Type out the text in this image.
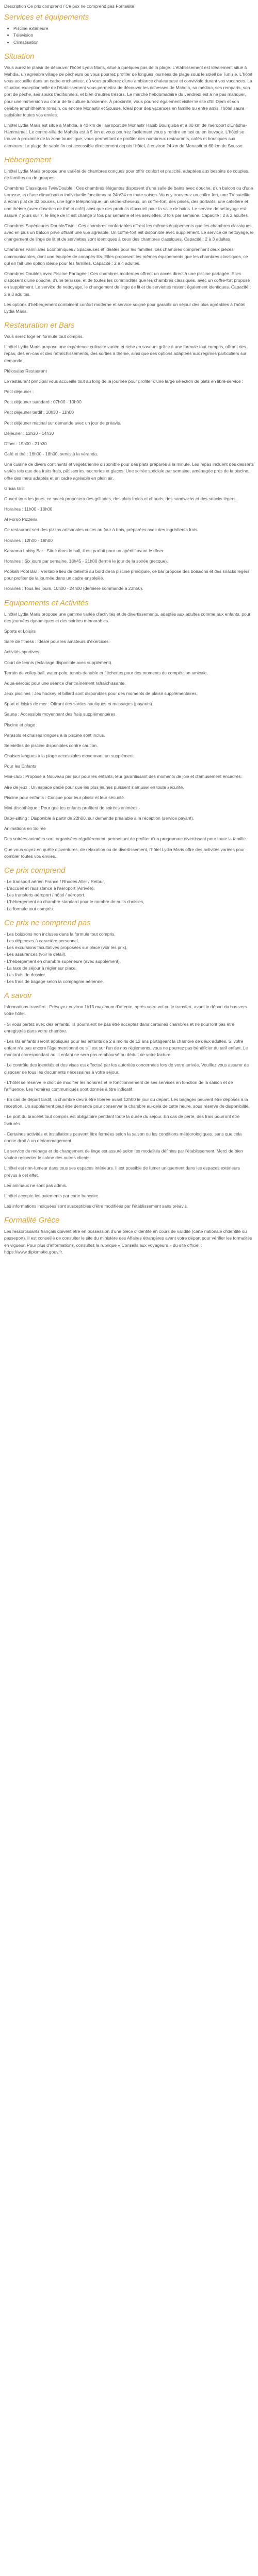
Description Ce prix comprend / Ce prix ne comprend pas Formalité

Services et équipements
• Piscine extérieure
• Télévision
• Climatisation
Situation

Vous aurez le plaisir de découvrir l'hôtel Lydia Maris, situé à quelques pas de la plage. L'établissement est idéalement situé à Mahdia, un agréable village de pêcheurs où vous pourrez profiter de longues journées de plage sous le soleil de Tunisie. L'hôtel vous accueille dans un cadre enchanteur, où vous profiterez d'une ambiance chaleureuse et conviviale durant vos vacances. La situation exceptionnelle de l'établissement vous permettra de découvrir les richesses de Mahdia, sa médina, ses remparts, son port de pêche, ses souks traditionnels, et bien d'autres trésors. Le marché hebdomadaire du vendredi est à ne pas manquer, pour une immersion au cœur de la culture tunisienne. À proximité, vous pourrez également visiter le site d'El Djem et son célèbre amphithéâtre romain, ou encore Monastir et Sousse. Idéal pour des vacances en famille ou entre amis, l'hôtel saura satisfaire toutes vos envies.

L'hôtel Lydia Maris est situé à Mahdia, à 40 km de l'aéroport de Monastir Habib Bourguiba et à 80 km de l'aéroport d'Enfidha-Hammamet. Le centre-ville de Mahdia est à 5 km et vous pourrez facilement vous y rendre en taxi ou en louvage. L'hôtel se trouve à proximité de la zone touristique, vous permettant de profiter des nombreux restaurants, cafés et boutiques aux alentours. La plage de sable fin est accessible directement depuis l'hôtel, à environ 24 km de Monastir et 60 km de Sousse.

Hébergement

L'hôtel Lydia Maris propose une variété de chambres conçues pour offrir confort et praticité, adaptées aux besoins de couples, de familles ou de groupes.

Chambres Classiques Twin/Double : Ces chambres élégantes disposent d'une salle de bains avec douche, d'un balcon ou d'une terrasse, et d'une climatisation individuelle fonctionnant 24h/24 en toute saison. Vous y trouverez un coffre-fort, une TV satellite à écran plat de 32 pouces, une ligne téléphonique, un sèche-cheveux, un coffre-fort, des prises, des portants, une cafetière et une théière (avec dosettes de thé et café) ainsi que des produits d'accueil pour la salle de bains. Le service de nettoyage est assuré 7 jours sur 7, le linge de lit est changé 3 fois par semaine et les serviettes, 3 fois par semaine. Capacité : 2 à 3 adultes.

Chambres Supérieures Double/Twin : Ces chambres confortables offrent les mêmes équipements que les chambres classiques, avec en plus un balcon privé offrant une vue agréable. Un coffre-fort est disponible avec supplément. Le service de nettoyage, le changement de linge de lit et de serviettes sont identiques à ceux des chambres classiques. Capacité : 2 à 3 adultes.

Chambres Familiales Economiques / Spacieuses et idéales pour les familles, ces chambres comprennent deux pièces communicantes, dont une équipée de canapés-lits. Elles proposent les mêmes équipements que les chambres classiques, ce qui en fait une option idéale pour les familles. Capacité : 2 à 4 adultes.

Chambres Doubles avec Piscine Partagée : Ces chambres modernes offrent un accès direct à une piscine partagée. Elles disposent d'une douche, d'une terrasse, et de toutes les commodités que les chambres classiques, avec un coffre-fort proposé en supplément. Le service de nettoyage, le changement de linge de lit et de serviettes restent également identiques. Capacité : 2 à 3 adultes.

Les options d'hébergement combinent confort moderne et service soigné pour garantir un séjour des plus agréables à l'hôtel Lydia Maris.

Restauration et Bars

Vous serez logé en formule tout compris.

L'hôtel Lydia Maris propose une expérience culinaire variée et riche en saveurs grâce à une formule tout compris, offrant des repas, des en-cas et des rafraîchissements, des sorties à thème, ainsi que des options adaptées aux régimes particuliers sur demande.

Pléiosalas Restaurant

Le restaurant principal vous accueille tout au long de la journée pour profiter d'une large sélection de plats en libre-service :

Petit déjeuner :

Petit déjeuner standard : 07h00 - 10h00

Petit déjeuner tardif : 10h30 - 11h00

Petit déjeuner matinal sur demande avec un jour de préavis.

Déjeuner : 12h30 - 14h30

Dîner : 19h00 - 21h30

Café et thé : 16h00 - 18h00, servis à la véranda.

Une cuisine de divers continents et végétarienne disponible pour des plats préparés à la minute. Les repas incluent des desserts variés tels que des fruits frais, pâtisseries, sucreries et glaces. Une soirée spéciale par semaine, aménagée près de la piscine, offre des mets adaptés et un cadre agréable en plein air.

Gricia Grill

Ouvert tous les jours, ce snack proposera des grillades, des plats froids et chauds, des sandwichs et des snacks légers.

Horaires : 11h00 - 18h00

Al Forno Pizzeria

Ce restaurant sert des pizzas artisanales cuites au four à bois, préparées avec des ingrédients frais.

Horaires : 12h00 - 18h00

Karaoma Lobby Bar : Situé dans le hall, il est parfait pour un apéritif avant le dîner.

Horaires : Six jours par semaine, 18h45 - 21h00 (fermé le jour de la soirée grecque).

Pookah Pool Bar : Véritable lieu de détente au bord de la piscine principale, ce bar propose des boissons et des snacks légers pour profiter de la journée dans un cadre ensoleillé.

Horaires : Tous les jours, 10h00 - 24h00 (dernière commande à 23h50).

Equipements et Activités

L'hôtel Lydia Maris propose une gamme variée d'activités et de divertissements, adaptés aux adultes comme aux enfants, pour des journées dynamiques et des soirées mémorables.

Sports et Loisirs

Salle de fitness : idéale pour les amateurs d'exercices.

Activités sportives :

Court de tennis (éclairage disponible avec supplément).

Terrain de volley-ball, water-polo, tennis de table et fléchettes pour des moments de compétition amicale.

Aqua-aérobic pour une séance d'entraînement rafraîchissante.

Jeux piscines : Jeu hockey et billard sont disponibles pour des moments de plaisir supplémentaires.

Sport et loisirs de mer : Offrant des sorties nautiques et massages (payants).

Sauna : Accessible moyennant des frais supplémentaires.

Piscine et plage :

Parasols et chaises longues à la piscine sont inclus.

Serviettes de piscine disponibles contre caution.

Chaises longues à la plage accessibles moyennant un supplément.

Pour les Enfants

Mini-club : Propose à Nouveau par jour pour les enfants, leur garantissant des moments de joie et d'amusement encadrés.

Aire de jeux : Un espace dédié pour que les plus jeunes puissent s'amuser en toute sécurité.

Piscine pour enfants : Conçue pour leur plaisir et leur sécurité.

Mini-discothèque : Pour que les enfants profitent de soirées animées.

Baby-sitting : Disponible à partir de 22h00, sur demande préalable à la réception (service payant).

Animations en Soirée

Des soirées animées sont organisées régulièrement, permettant de profiter d'un programme divertissant pour toute la famille.

Que vous soyez en quête d'aventures, de relaxation ou de divertissement, l'hôtel Lydia Maris offre des activités variées pour combler toutes vos envies.

Ce prix comprend

- Le transport aérien France / Rhodes Aller / Retour,

- L'accueil et l'assistance à l'aéroport (Arrivée),

- Les transferts aéroport / hôtel / aéroport,

- L'hébergement en chambre standard pour le nombre de nuits choisies,

- La formule tout compris.

Ce prix ne comprend pas

- Les boissons non incluses dans la formule tout compris,

- Les dépenses à caractère personnel,

- Les excursions facultatives proposées sur place (voir les prix),

- Les assurances (voir le détail),

- L'hébergement en chambre supérieure (avec supplément),

- La taxe de séjour à régler sur place.

- Les frais de dossier,

- Les frais de bagage selon la compagnie aérienne.

A savoir

Informations transfert : Prévoyez environ 1h15 maximum d'attente, après votre vol ou le transfert, avant le départ du bus vers votre hôtel.

- Si vous partez avec des enfants, ils pourraient ne pas être acceptés dans certaines chambres et ne pourront pas être enregistrés dans votre chambre.

- Les lits enfants seront appliqués pour les enfants de 2 à moins de 12 ans partageant la chambre de deux adultes. Si votre enfant n'a pas encore l'âge mentionné ou s'il est sur l'un de nos règlements, vous ne pourrez pas bénéficier du tarif enfant. Le montant correspondant au lit enfant ne sera pas remboursé ou déduit de votre facture.

- Le contrôle des identités et des visas est effectué par les autorités concernées lors de votre arrivée. Veuillez vous assurer de disposer de tous les documents nécessaires à votre séjour.

- L'hôtel se réserve le droit de modifier les horaires et le fonctionnement de ses services en fonction de la saison et de l'affluence. Les horaires communiqués sont donnés à titre indicatif.

- En cas de départ tardif, la chambre devra être libérée avant 12h00 le jour du départ. Les bagages peuvent être déposés à la réception. Un supplément peut être demandé pour conserver la chambre au-delà de cette heure, sous réserve de disponibilité.

- Le port du bracelet tout compris est obligatoire pendant toute la durée du séjour. En cas de perte, des frais pourront être facturés.

- Certaines activités et installations peuvent être fermées selon la saison ou les conditions météorologiques, sans que cela donne droit à un dédommagement.

Le service de ménage et de changement de linge est assuré selon les modalités définies par l'établissement. Merci de bien vouloir respecter le calme des autres clients.

L'hôtel est non-fumeur dans tous ses espaces intérieurs. Il est possible de fumer uniquement dans les espaces extérieurs prévus à cet effet.

Les animaux ne sont pas admis.

L'hôtel accepte les paiements par carte bancaire.

Les informations indiquées sont susceptibles d'être modifiées par l'établissement sans préavis.

Formalité Grèce

Les ressortissants français doivent être en possession d'une pièce d'identité en cours de validité (carte nationale d'identité ou passeport). Il est conseillé de consulter le site du ministère des Affaires étrangères avant votre départ pour vérifier les formalités en vigueur. Pour plus d'informations, consultez la rubrique « Conseils aux voyageurs » du site officiel : https://www.diplomatie.gouv.fr.
